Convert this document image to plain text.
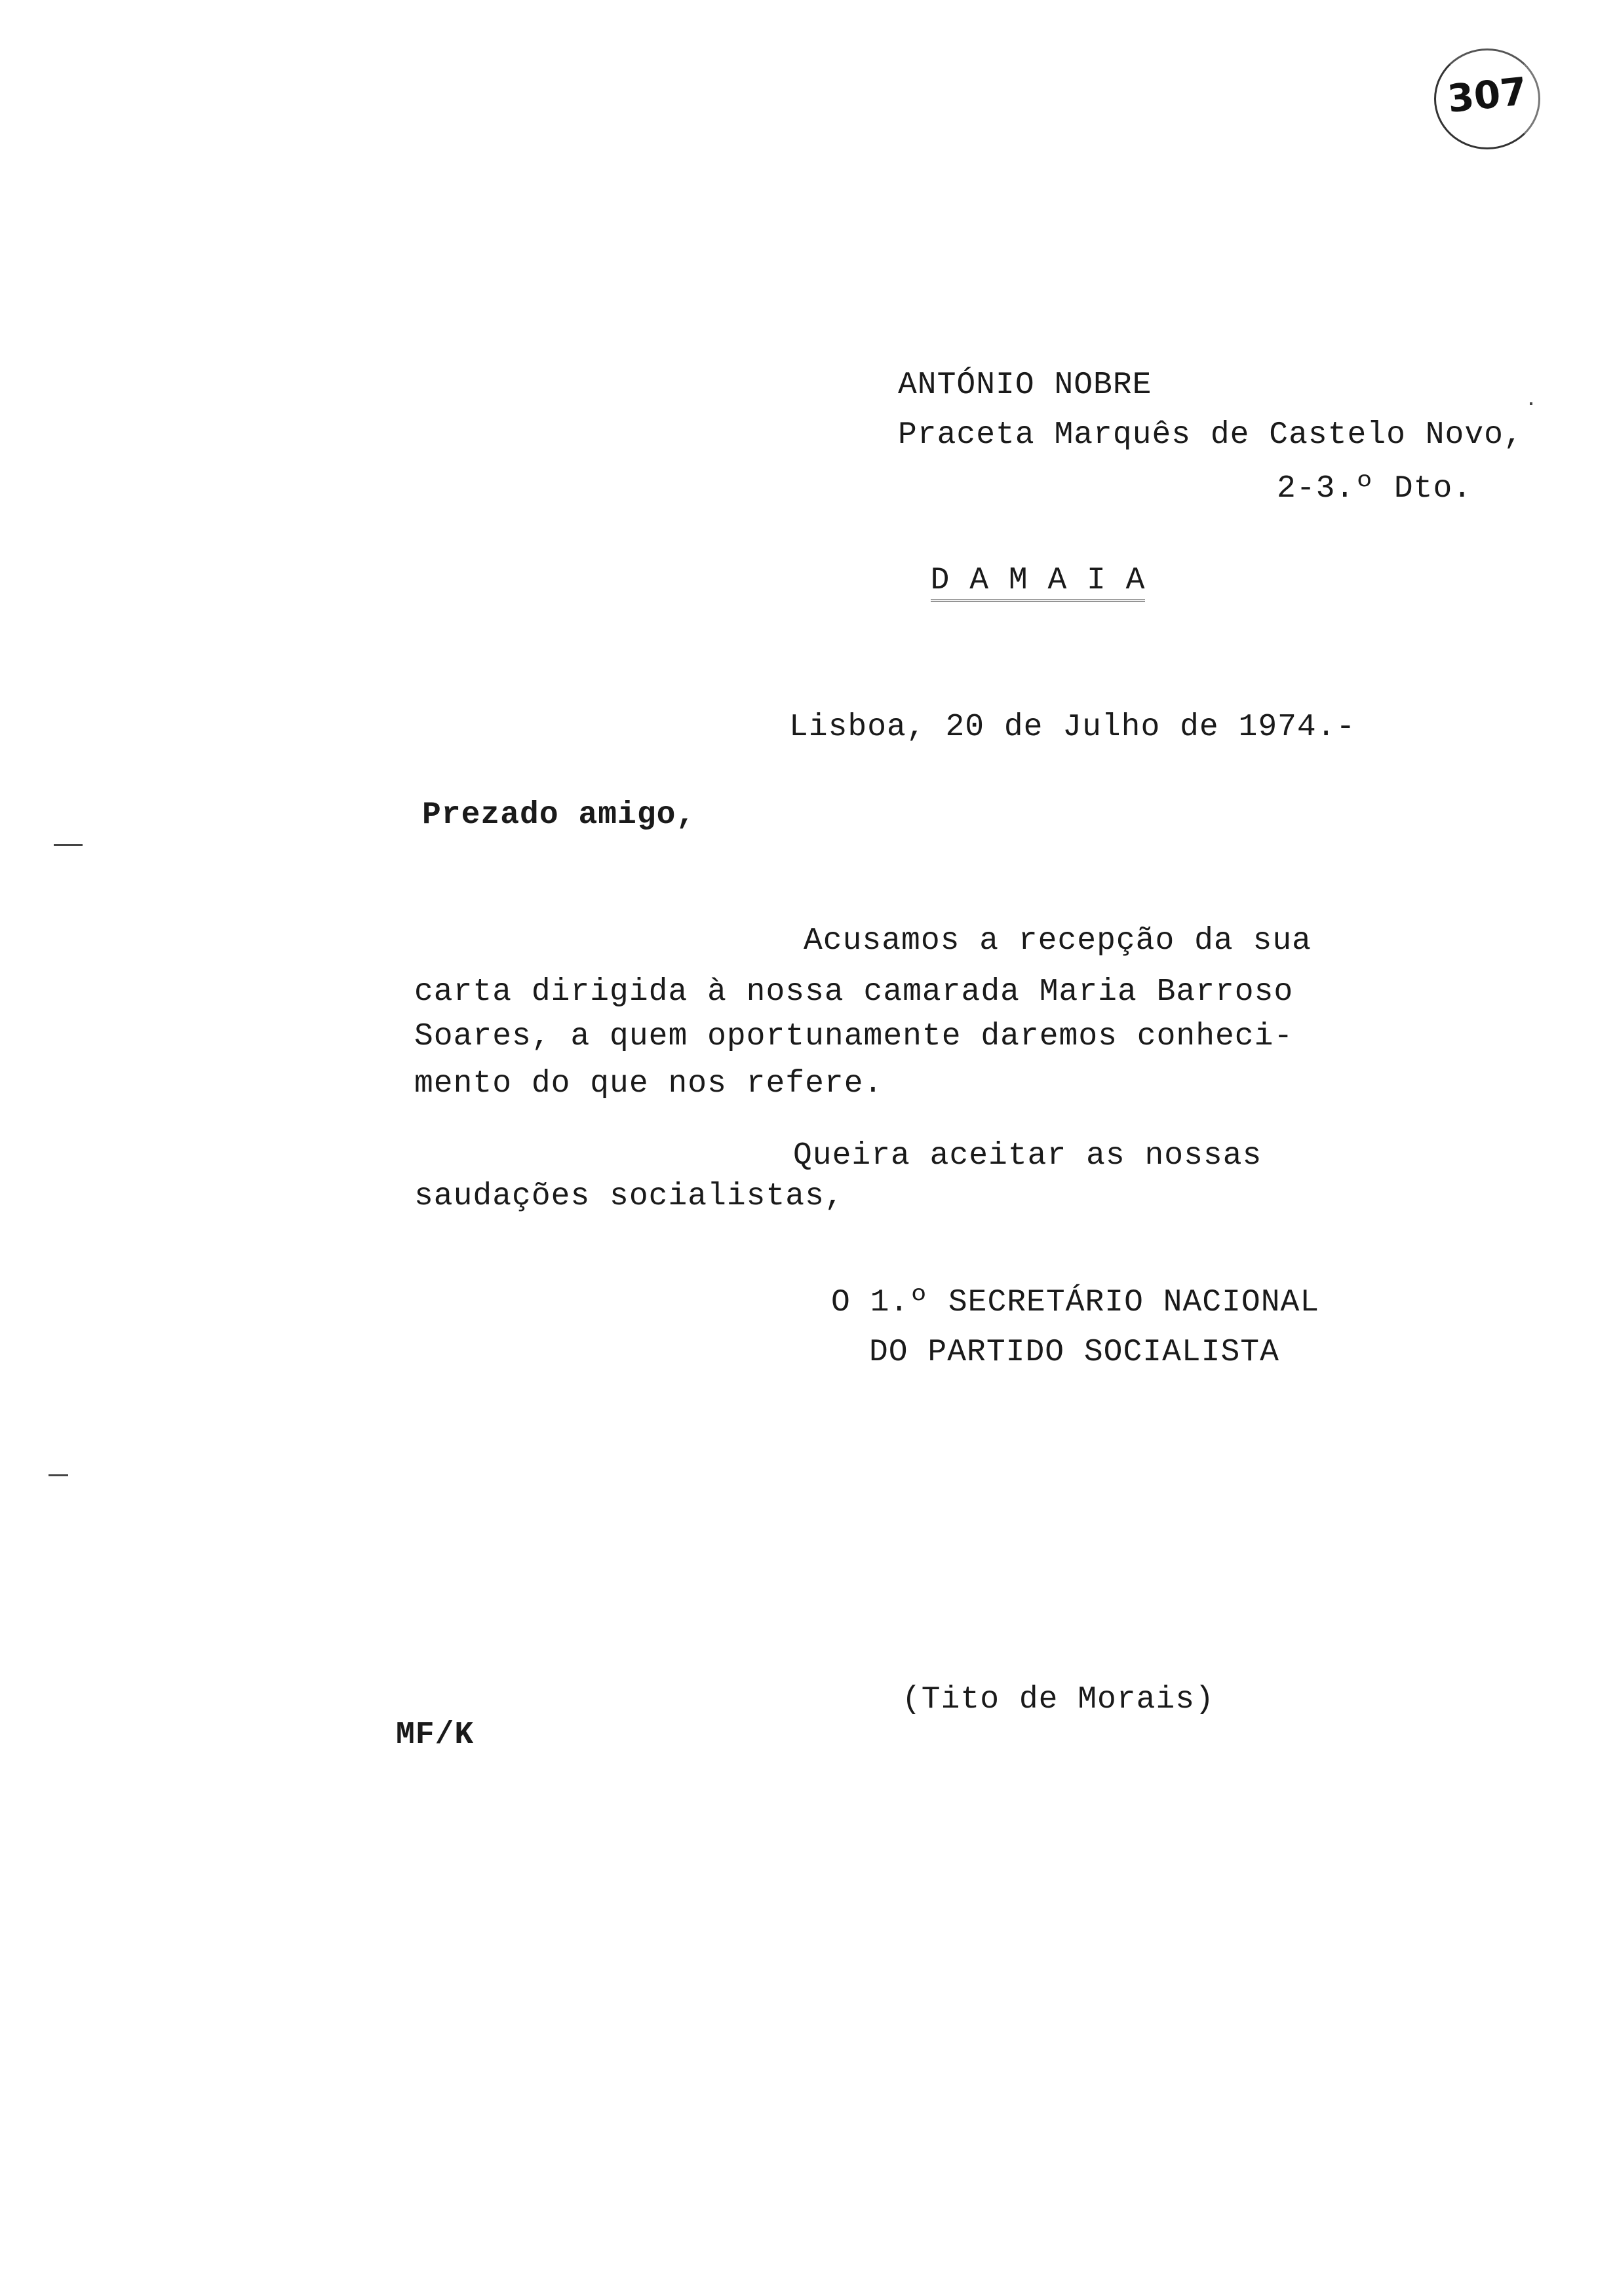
307
ANTÓNIO NOBRE
Praceta Marquês de Castelo Novo,
2-3.º Dto.

D A M A I A

Lisboa, 20 de Julho de 1974.-
Prezado amigo,
Acusamos a recepção da sua
carta dirigida à nossa camarada Maria Barroso
Soares, a quem oportunamente daremos conheci-
mento do que nos refere.
Queira aceitar as nossas
saudações socialistas,
O 1.º SECRETÁRIO NACIONAL
DO PARTIDO SOCIALISTA
(Tito de Morais)
MF/K
